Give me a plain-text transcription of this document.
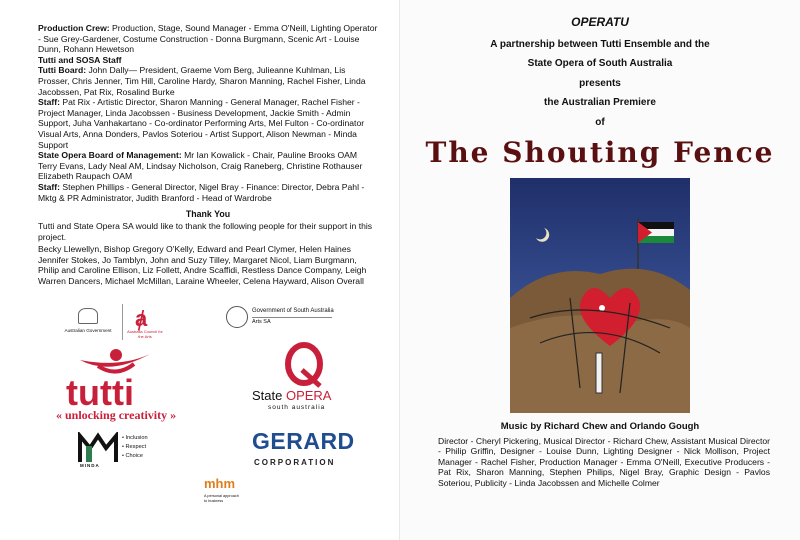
Production Crew: Production, Stage, Sound Manager - Emma O'Neill, Lighting Operator - Sue Grey-Gardener, Costume Construction - Donna Burgmann, Scenic Art - Louise Dunn, Rohann Hewetson

Tutti and SOSA Staff

Tutti Board: John Dally— President, Graeme Vom Berg, Julieanne Kuhlman, Lis Prosser, Chris Jenner, Tim Hill, Caroline Hardy, Sharon Manning, Rachel Fisher, Linda Jacobssen, Pat Rix, Rosalind Burke

Staff: Pat Rix - Artistic Director, Sharon Manning - General Manager, Rachel Fisher - Project Manager, Linda Jacobssen - Business Development, Jackie Smith - Admin Support, Juha Vanhakartano - Co-ordinator Performing Arts, Mel Fulton - Co-ordinator Visual Arts, Anna Donders, Pavlos Soteriou - Artist Support, Alison Newman - Minda Support

State Opera Board of Management: Mr Ian Kowalick - Chair, Pauline Brooks OAM Terry Evans, Lady Neal AM, Lindsay Nicholson, Craig Raneberg, Christine Rothauser Elizabeth Raupach OAM

Staff: Stephen Phillips - General Director, Nigel Bray - Finance: Director, Debra Pahl - Mktg & PR Administrator, Judith Branford - Head of Wardrobe

Thank You
Tutti and State Opera SA would like to thank the following people for their support in this project.
Becky Llewellyn, Bishop Gregory O'Kelly, Edward and Pearl Clymer, Helen Haines Jennifer Stokes, Jo Tamblyn, John and Suzy Tilley, Margaret Nicol, Liam Burgmann, Philip and Caroline Ellison, Liz Follett, Andre Scaffidi, Restless Dance Company, Leigh Warren Dancers, Michael McMillan, Laraine Wheeler, Celena Hayward, Alison Overall
Australian Government ⱥ
Australia Council for the Arts
Government of South Australia
Arts SA
tutti
« unlocking creativity »
• Inclusion
• Respect
• Choice
MINDA
State OPERA
south australia
GERARD
CORPORATION
mhm
A personal approach to business
OPERATU
A partnership between Tutti Ensemble and the
State Opera of South Australia
presents
the Australian Premiere
of
The Shouting Fence
Music by Richard Chew and Orlando Gough
Director - Cheryl Pickering, Musical Director - Richard Chew, Assistant Musical Director - Philip Griffin, Designer - Louise Dunn, Lighting Designer - Nick Mollison, Project Manager - Rachel Fisher, Production Manager - Emma O'Neill, Executive Producers - Pat Rix, Sharon Manning, Stephen Philips, Nigel Bray, Graphic Design - Pavlos Soteriou, Publicity - Linda Jacobssen and Michelle Colmer
